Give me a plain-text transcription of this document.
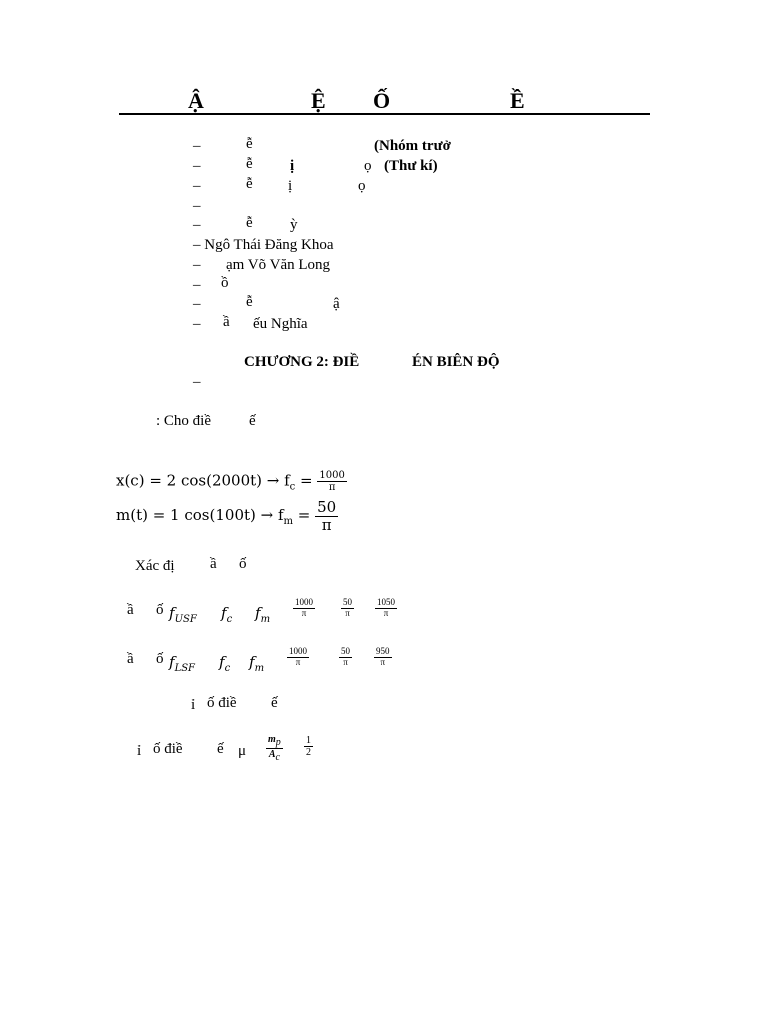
Ậ	Ệ Ố	Ề
–	ễ	(Nhóm trưở
–	ễ ị	ọ (Thư kí)
–	ễ ị	ọ
–
–	ễ ỳ
– Ngô Thái Đăng Khoa
– ạm Võ Văn Long
– ồ
–	ễ	ậ
– ầ ếu Nghĩa
CHƯƠNG 2: ĐIỀ	ÉN BIÊN ĐỘ
–
: Cho điề	ế
x(c) = 2 $\cos(2000t) \to f_c = \frac{1000}{\pi}$
m(t) = 1 $\cos(100t) \to f_m = \frac{50}{\pi}$
Xác đị ầ ố
ầ ố $f_{USF}$ $f_c$ $f_m$
$\frac{1000}{\pi}$	$\frac{50}{\pi} \frac{1050}{\pi}$
ầ ố $f_{LSF}$ $f_c$ $f_m$
$\frac{1000}{\pi}$	$\frac{50}{\pi} \frac{950}{\pi}$
ỉ ố điề ế
ỉ ố điề ế μ $\frac{m_p}{A_c} \frac{1}{2}$
